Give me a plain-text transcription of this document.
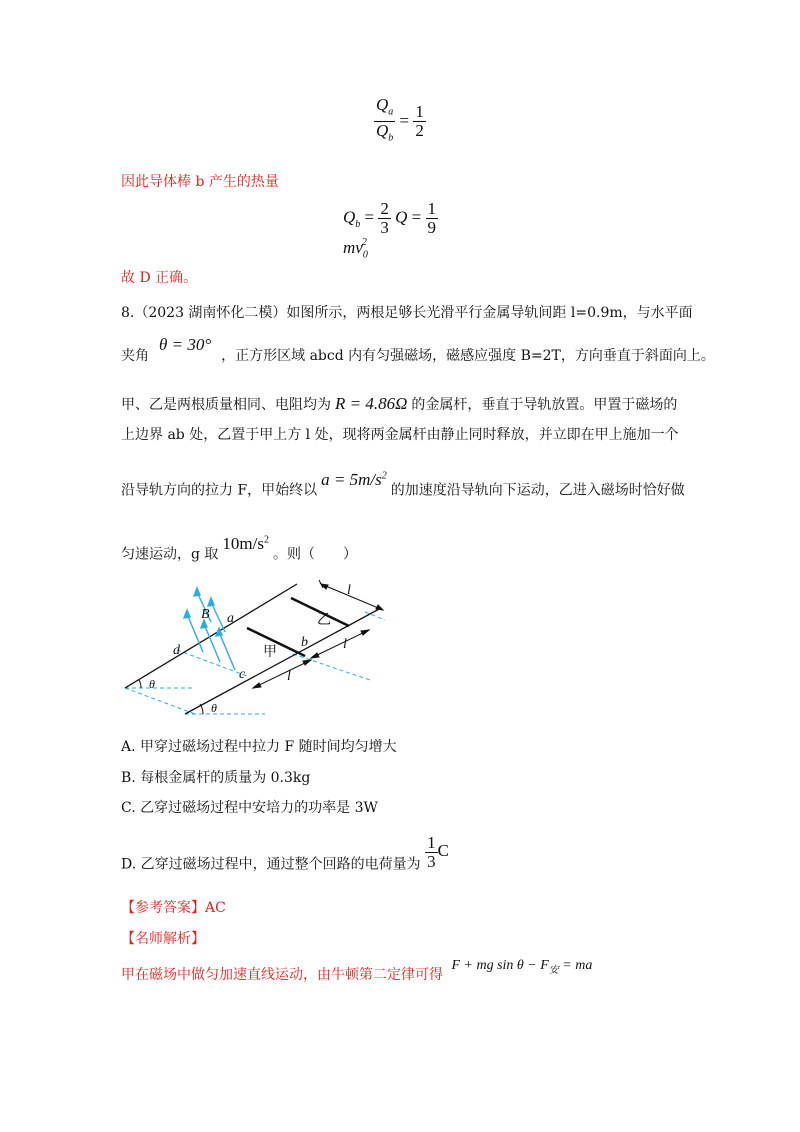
$\frac{Q_a}{Q_b} = \frac{1}{2}$
因此导体棒 b 产生的热量
$Q_b = \frac{2}{3}$ $Q = \frac{1}{9}$
$mv_0^2$
故 D 正确。
8.（2023 湖南怀化二模）如图所示，两根足够长光滑平行金属导轨间距 l=0.9m，与水平面
夹角θ = 30°，正方形区域 abcd 内有匀强磁场，磁感应强度 B=2T，方向垂直于斜面向上。
甲、乙是两根质量相同、电阻均为 R = 4.86Ω 的金属杆，垂直于导轨放置。甲置于磁场的
上边界 ab 处，乙置于甲上方 l 处，现将两金属杆由静止同时释放，并立即在甲上施加一个
沿导轨方向的拉力 F，甲始终以$a = 5m/s^2$的加速度沿导轨向下运动，乙进入磁场时恰好做
匀速运动，g 取$10m/s^2$。则（　　）
l
乙
B a
d
b
甲
l
c	l
θ
θ
A. 甲穿过磁场过程中拉力 F 随时间均匀增大
B. 每根金属杆的质量为 0.3kg
C. 乙穿过磁场过程中安培力的功率是 3W
D. 乙穿过磁场过程中，通过整个回路的电荷量为 $\frac{1}{3}$ C
【参考答案】AC
【名师解析】
甲在磁场中做匀加速直线运动，由牛顿第二定律可得 F + mg $\sin \theta - F_安$ = ma
